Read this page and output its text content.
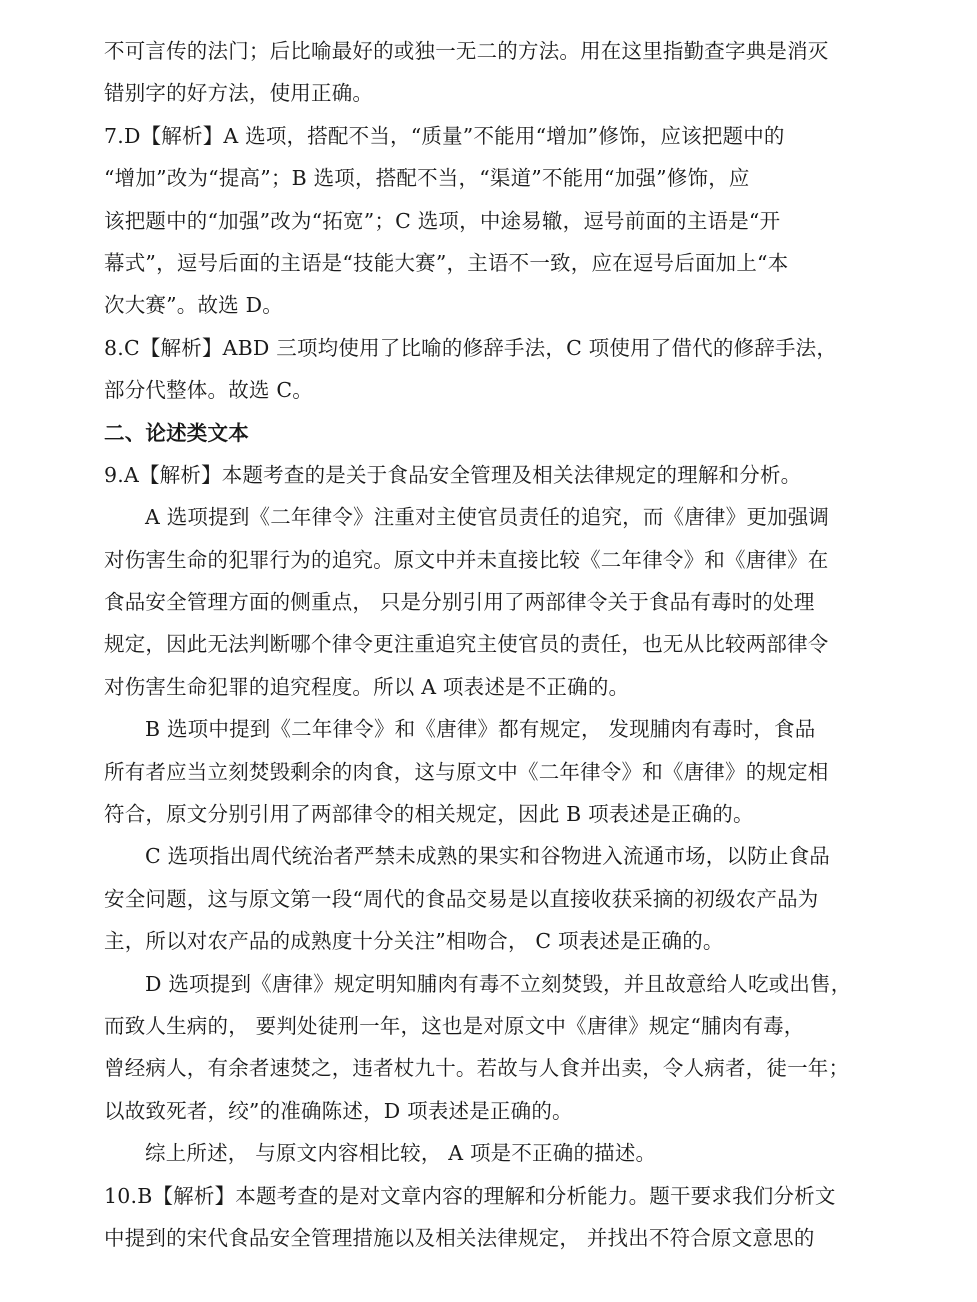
不可言传的法门；后比喻最好的或独一无二的方法。用在这里指勤查字典是消灭
错别字的好方法，使用正确。
7.D【解析】A 选项，搭配不当，“质量”不能用“增加”修饰，应该把题中的
“增加”改为“提高”；B 选项，搭配不当，“渠道”不能用“加强”修饰，应
该把题中的“加强”改为“拓宽”；C 选项，中途易辙，逗号前面的主语是“开
幕式”，逗号后面的主语是“技能大赛”，主语不一致，应在逗号后面加上“本
次大赛”。故选 D。
8.C【解析】ABD 三项均使用了比喻的修辞手法，C 项使用了借代的修辞手法，
部分代整体。故选 C。
二、论述类文本
9.A【解析】本题考查的是关于食品安全管理及相关法律规定的理解和分析。
A 选项提到《二年律令》注重对主使官员责任的追究，而《唐律》更加强调
对伤害生命的犯罪行为的追究。原文中并未直接比较《二年律令》和《唐律》在
食品安全管理方面的侧重点， 只是分别引用了两部律令关于食品有毒时的处理
规定，因此无法判断哪个律令更注重追究主使官员的责任，也无从比较两部律令
对伤害生命犯罪的追究程度。所以 A 项表述是不正确的。
B 选项中提到《二年律令》和《唐律》都有规定， 发现脯肉有毒时，食品
所有者应当立刻焚毁剩余的肉食，这与原文中《二年律令》和《唐律》的规定相
符合，原文分别引用了两部律令的相关规定，因此 B 项表述是正确的。
C 选项指出周代统治者严禁未成熟的果实和谷物进入流通市场，以防止食品
安全问题，这与原文第一段“周代的食品交易是以直接收获采摘的初级农产品为
主，所以对农产品的成熟度十分关注”相吻合， C 项表述是正确的。
D 选项提到《唐律》规定明知脯肉有毒不立刻焚毁，并且故意给人吃或出售，
而致人生病的， 要判处徒刑一年，这也是对原文中《唐律》规定“脯肉有毒，
曾经病人，有余者速焚之，违者杖九十。若故与人食并出卖，令人病者，徒一年；
以故致死者，绞”的准确陈述，D 项表述是正确的。
综上所述， 与原文内容相比较， A 项是不正确的描述。
10.B【解析】本题考查的是对文章内容的理解和分析能力。题干要求我们分析文
中提到的宋代食品安全管理措施以及相关法律规定， 并找出不符合原文意思的
